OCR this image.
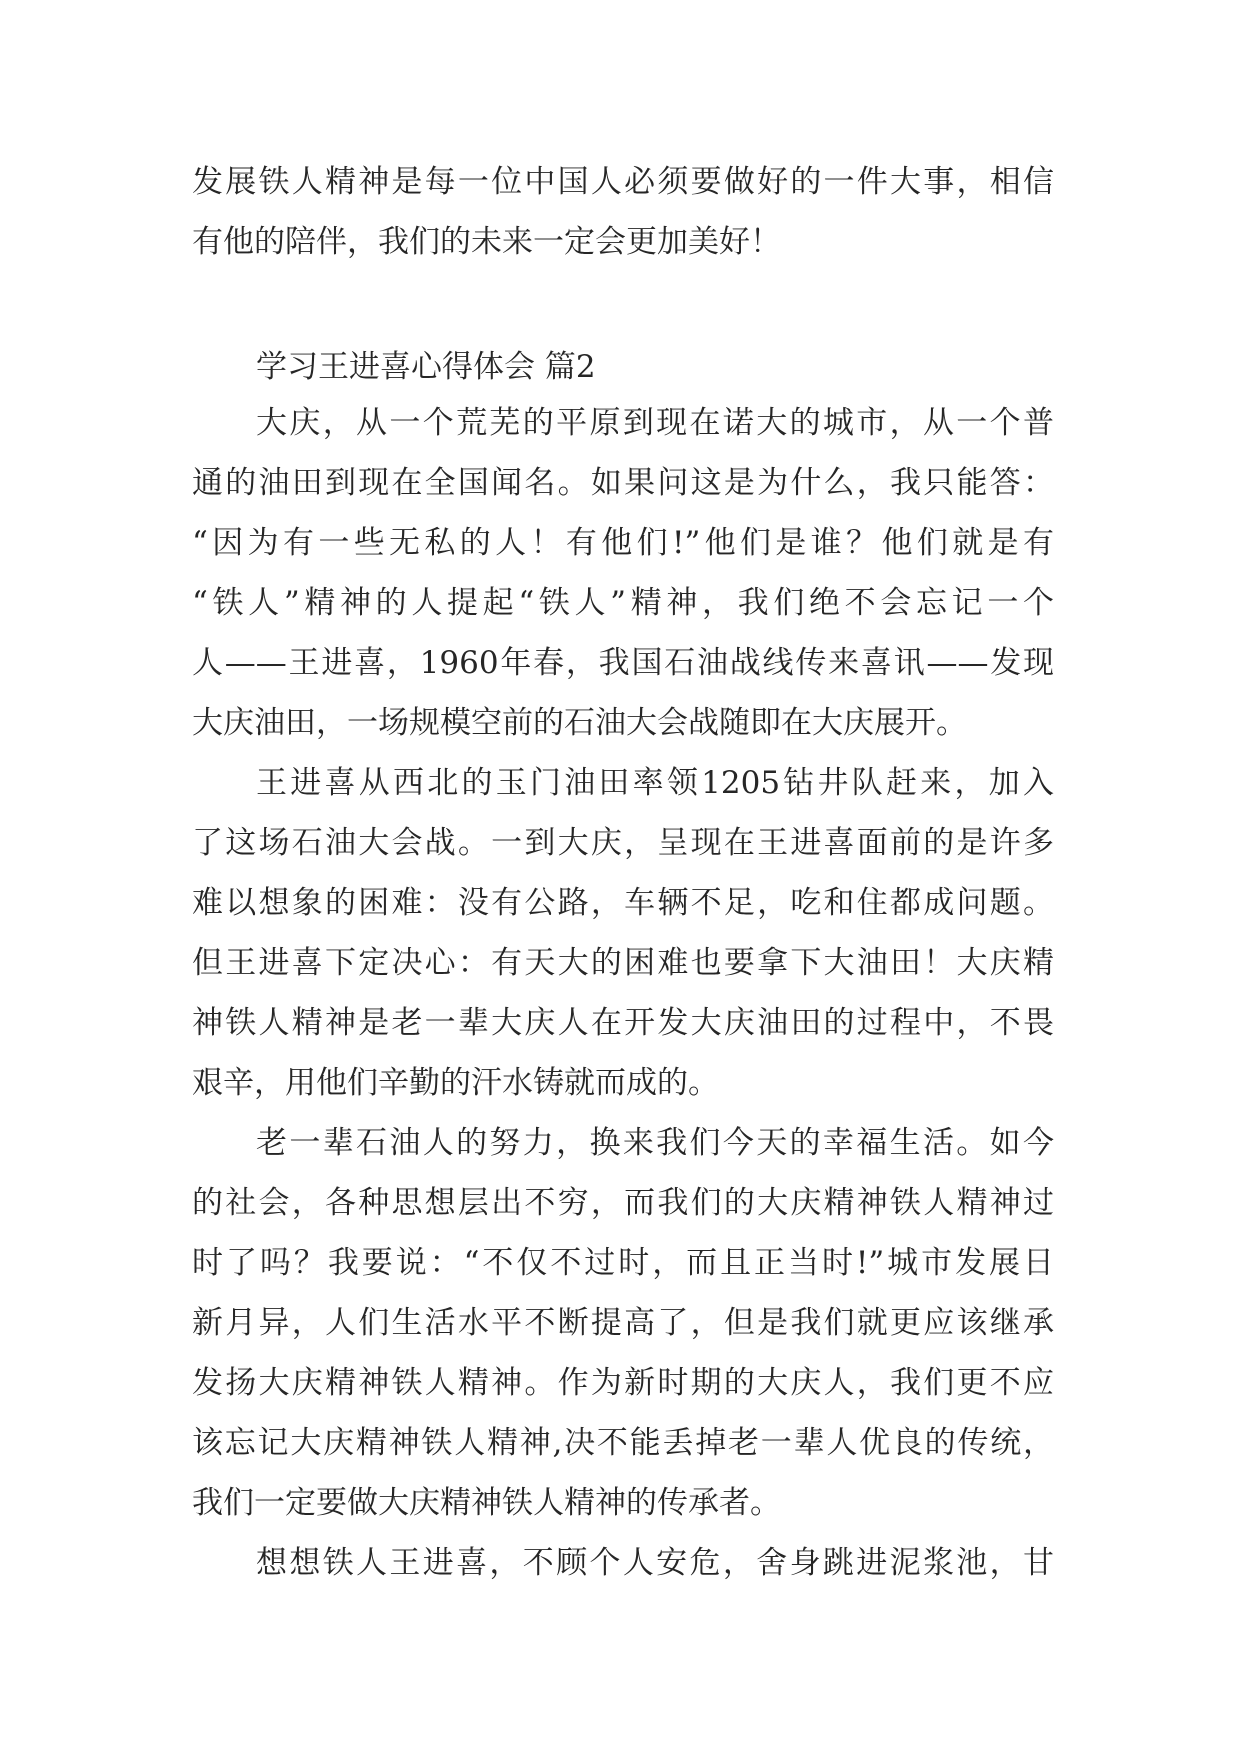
发展铁人精神是每一位中国人必须要做好的一件大事，相信
有他的陪伴，我们的未来一定会更加美好！
学习王进喜心得体会 篇2
大庆，从一个荒芜的平原到现在诺大的城市，从一个普
通的油田到现在全国闻名。如果问这是为什么，我只能答：
“因为有一些无私的人！有他们!”他们是谁？他们就是有
“铁人”精神的人提起“铁人”精神，我们绝不会忘记一个
人——王进喜，1960年春，我国石油战线传来喜讯——发现
大庆油田，一场规模空前的石油大会战随即在大庆展开。
王进喜从西北的玉门油田率领1205钻井队赶来，加入
了这场石油大会战。一到大庆，呈现在王进喜面前的是许多
难以想象的困难：没有公路，车辆不足，吃和住都成问题。
但王进喜下定决心：有天大的困难也要拿下大油田！大庆精
神铁人精神是老一辈大庆人在开发大庆油田的过程中，不畏
艰辛，用他们辛勤的汗水铸就而成的。
老一辈石油人的努力，换来我们今天的幸福生活。如今
的社会，各种思想层出不穷，而我们的大庆精神铁人精神过
时了吗？我要说：“不仅不过时，而且正当时!”城市发展日
新月异，人们生活水平不断提高了，但是我们就更应该继承
发扬大庆精神铁人精神。作为新时期的大庆人，我们更不应
该忘记大庆精神铁人精神,决不能丢掉老一辈人优良的传统，
我们一定要做大庆精神铁人精神的传承者。
想想铁人王进喜，不顾个人安危，舍身跳进泥浆池，甘
